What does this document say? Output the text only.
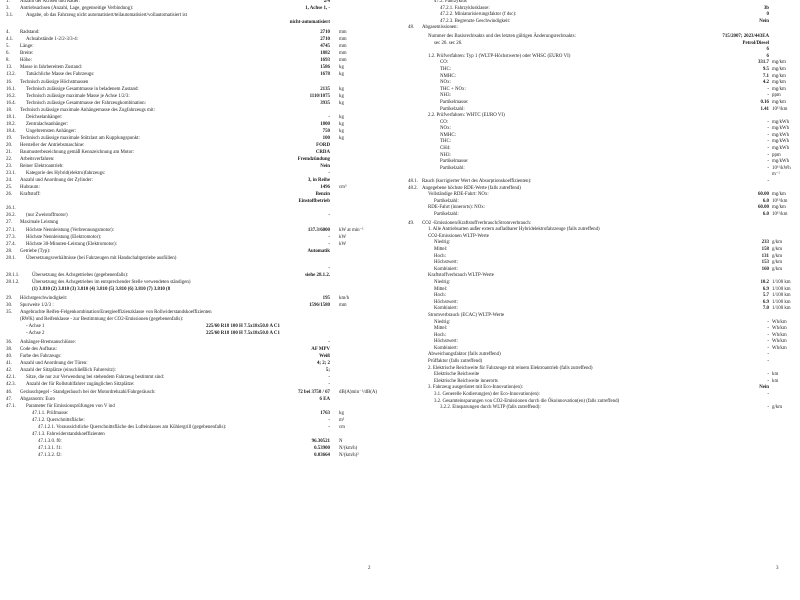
1. Anzahl der Achsen und Räder:	2/4
3. Antriebsachsen (Anzahl, Lage, gegenseitige Verbindung):	1, Achse 1, -
3.1.	Angabe, ob das Fahrzeug nicht automatisiert/teilautomatisiert/vollautomatisiert ist
nicht-automatisiert
4. Radstand:	2710 mm
4.1.	Achsabstände 1-2/2-3/3-4:	2710 mm
5. Länge:	4745 mm
6. Breite:	1882 mm
8. Höhe:	1693 mm
13. Masse in fahrbereitem Zustand:	1586 kg
13.2. Tatsächliche Masse des Fahrzeugs:	1678 kg
16. Technisch zulässige Höchstmassen
16.1. Technisch zulässige Gesamtmasse in beladenem Zustand:	2135 kg
16.2. Technisch zulässige maximale Masse je Achse 1/2/3:	1110/1075 kg
16.4. Technisch zulässige Gesamtmasse der Fahrzeugkombination:	3935 kg
18. Technisch zulässige maximale Anhängemasse des Zugfahrzeugs mit:
18.1. Deichselanhänger:	- kg
18.2. Zentralachsanhänger:	1800 kg
18.4. Ungebremsten Anhänger:	750 kg
19. Technisch zulässige maximale Stützlast am Kupplungspunkt:	100 kg
20. Hersteller der Antriebsmaschine:	FORD
21. Baumusterbezeichnung gemäß Kennzeichnung am Motor:	CRDA
22. Arbeitsverfahren:	Fremdzündung
23. Reiner Elektroantrieb:	Nein
23.1. Kategorie des Hybrid(elektro)fahrzeugs:	-
24. Anzahl und Anordnung der Zylinder:	3, in Reihe
25. Hubraum:	1496 cm³
26. Kraftstoff:	Benzin
Einstoffbetrieb
26.1.
26.2. (nur Zweistoffmotor)	-
27. Maximale Leistung
27.1. Höchste Nennleistung (Verbrennungsmotor):	137.3/6000 kW at min⁻¹
27.3. Höchste Nennleistung (Elektromotor):	- kW
27.4. Höchste 30-Minuten-Leistung (Elektromotor):	- kW
28. Getriebe (Typ):	Automatik
28.1. Übersetzungsverhältnisse (bei Fahrzeugen mit Handschaltgetriebe ausfüllen)
-
28.1.1.	Übersetzung des Achsgetriebes (gegebenenfalls):	siehe 28.1.2.
28.1.2.	Übersetzung des Achsgetriebes im entsprechender Stelle verwendeten ständigen)
(1) 3.810 (2) 3.810 (3) 3.810 (4) 3.810 (5) 3.810 (6) 3.810 (7) 3.810 (8
29. Höchstgeschwindigkeit:	195 km/h
30. Spurweite 1/2/3 :	1596/1580 mm
35. Angebrachte Reifen-Felgenkombination/Energieeffizienzklasse von Rollwiderstandskoeffizienten
(RWK) und Reifenklasse - zur Bestimmung der CO2-Emissionen (gegebenenfalls):
- Achse 1	225/60 R18 100 H 7.5x18x50.0 A C1
- Achse 2	225/60 R18 100 H 7.5x18x50.0 A C1
36. Anhänger-Bremsanschlüsse:	-
38. Code des Aufbaus:	AF MPV
40. Farbe des Fahrzeugs:	Weiß
41. Anzahl und Anordnung der Türen:	4; 2; 2
42. Anzahl der Sitzplätze (einschließlich Fahrersitz):	5;
42.1. Sitze, die nur zur Verwendung bei stehendem Fahrzeug bestimmt sind:	-
42.3. Anzahl der für Rollstuhlfahrer zugänglichen Sitzplätze:	-
46. Geräuschpegel - Standgeräusch bei der Motordrehzahl/Fahrgeräusch:	72 bei 3750 / 67 dB(A)min⁻¹/dB(A)
47. Abgasnorm: Euro	6 EA
47.1. Parameter für Emissionsprüfungen von V ind
47.1.1. Prüfmasse:	1763 kg
47.1.2. Querschnittsfläche:	- m²
47.1.2.1. Voraussichtliche Querschnittsfläche des Lufteinlasses am Kühlergrill (gegebenenfalls):	- cm
47.1.3. Fahrwiderstandskoeffizienten
47.1.3.0. f0:	96.30521 N
47.1.3.1. f1:	0.53900 N/(km/h)
47.1.3.2. f2:	0.03664 N/(km/h)²
47.2. Fahrzyklus
47.2.1. Fahrzyklusklasse:	3b
47.2.2. Miniaturisierungsfaktor (f dsc):	0
47.2.3. Begrenzte Geschwindigkeit:	Nein
48. Abgasemissionen:
Nummer des Basisrechtsakts und des letzten gültigen Änderungsrechtsakts:	715/2007; 2023/443EA
sec 26. sec 26.	Petrol/Diesel
6
1.2. Prüfverfahren: Typ 1 (WLTP-Höchstwerte) oder WHSC (EURO VI)	6
CO:	331.7 mg/km
THC:	9.5 mg/km
NMHC:	7.1 mg/km
NOx:	4.2 mg/km
THC + NOx:	- mg/km
NH3:	- ppm
Partikelmasse:	0.16 mg/km
Partikelzahl:	1.41 10¹¹/km
2.2. Prüfverfahren: WHTC (EURO VI)
CO:	- mg/kWh
NOx:	- mg/kWh
NMHC:	- mg/kWh
THC:	- mg/kWh
CH4:	- mg/kWh
NH3:	- ppm
Partikelmasse:	- mg/kWh
Partikelzahl:	- 10¹¹/kWh
m⁻¹
48.1. Rauch (korrigierter Wert des Absorptionskoeffizienten):	-
48.2. Angegebene höchste RDE-Werte (falls zutreffend)
Vollständige RDE-Fahrt: NOx:	60.00 mg/km
Partikelzahl:	6.0 10¹¹/km
RDE-Fahrt (innerorts): NOx:	60.00 mg/km
Partikelzahl:	6.0 10¹¹/km
49. CO2 -Emissionen/Kraftstoffverbrauch/Stromverbrauch:
1. Alle Antriebsarten außer extern aufladbarer Hybridelektrofahrzeuge (falls zutreffend)
CO2-Emissionen WLTP-Werte
Niedrig:	233 g/km
Mittel:	158 g/km
Hoch:	131 g/km
Höchstwert:	153 g/km
Kombiniert:	160 g/km
Kraftstoffverbrauch WLTP-Werte
Niedrig:	10.2 1/100 km
Mittel:	6.9 1/100 km
Hoch:	5.7 1/100 km
Höchstwert:	6.9 1/100 km
Kombiniert:	7.0 1/100 km
Stromverbrauch (ECAC) WLTP-Werte
Niedrig:	- Wh/km
Mittel:	- Wh/km
Hoch:	- Wh/km
Höchstwert:	- Wh/km
Kombiniert:	- Wh/km
Abweichungsfaktor (falls zutreffend)	-
Prüffaktor (falls zutreffend)	-
2. Elektrische Reichweite für Fahrzeuge mit reinem Elektroantrieb (falls zutreffend)
Elektrische Reichweite	- km
Elektrische Reichweite innerorts	- km
3. Fahrzeug ausgerüstet mit Eco-Innovation(en):	Nein
3.1. Generelle Kodierung(en) der Eco-Innovation(en):	-
3.2. Gesamteinsparungen von CO2-Emissionen durch die Ökoinnovation(en) (falls zutreffend)
3.2.2. Einsparungen durch WLTP (falls zutreffend):	- g/km
2	3
